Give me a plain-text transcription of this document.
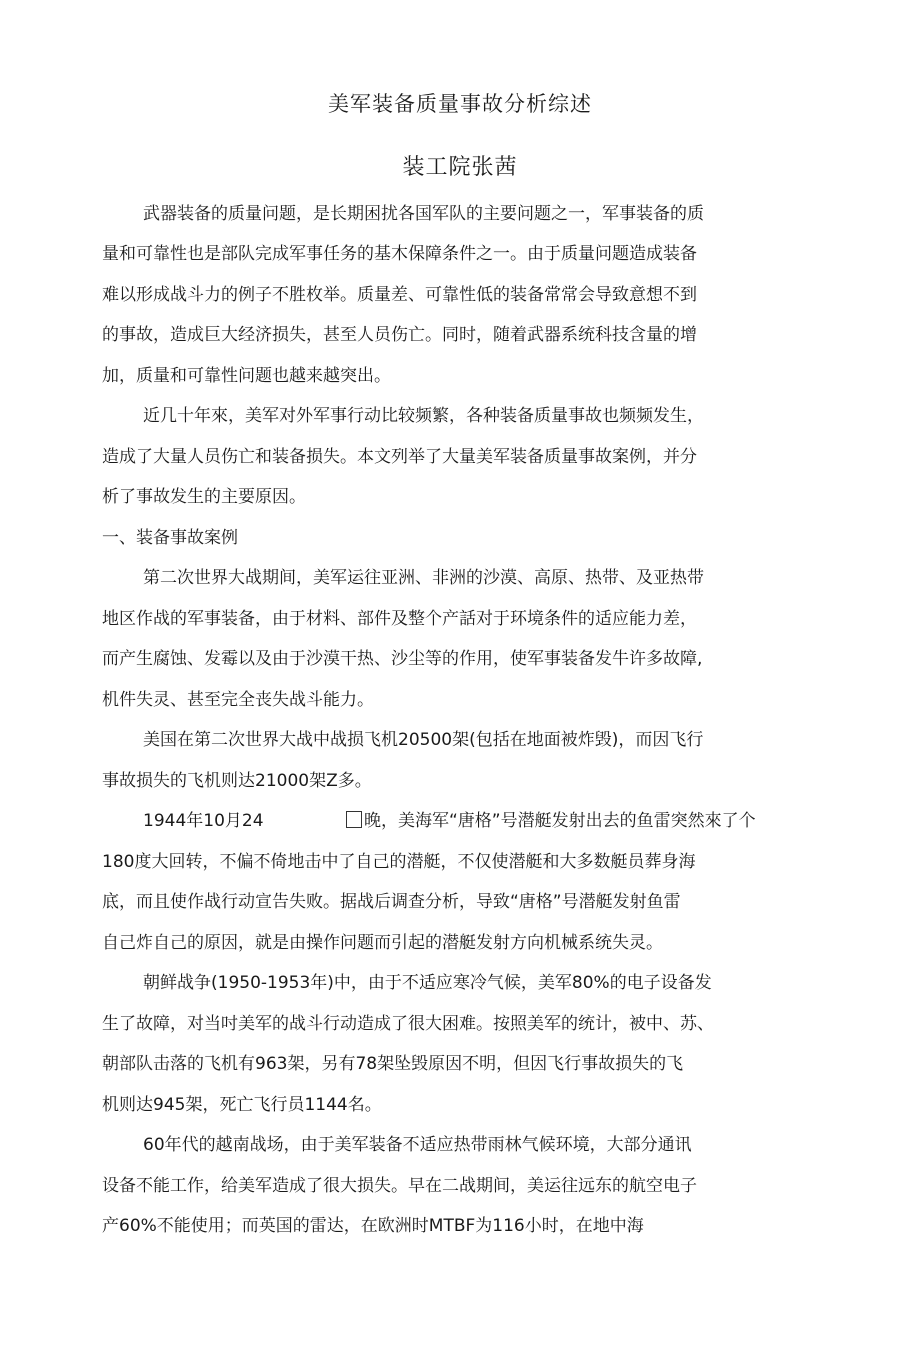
美军装备质量事故分析综述
装工院张茜
武器装备的质量问题，是长期困扰各国军队的主要问题之一，军事装备的质
量和可靠性也是部队完成军事任务的基木保障条件之一。由于质量问题造成装备
难以形成战斗力的例子不胜枚举。质量差、可靠性低的装备常常会导致意想不到
的事故，造成巨大经济损失，甚至人员伤亡。同时，随着武器系统科技含量的增
加，质量和可靠性问题也越来越突出。
近几十年來，美军对外军事行动比较频繁，各种装备质量事故也频频发生，
造成了大量人员伤亡和装备损失。本文列举了大量美军装备质量事故案例，并分
析了事故发生的主要原因。
一、装备事故案例
第二次世界大战期间，美军运往亚洲、非洲的沙漠、高原、热带、及亚热带
地区作战的军事装备，由于材料、部件及整个产話对于环境条件的适应能力差，
而产生腐蚀、发霉以及由于沙漠干热、沙尘等的作用，使军事装备发牛许多故障,
机件失灵、甚至完全丧失战斗能力。
美国在第二次世界大战中战损飞机20500架(包括在地面被炸毁)，而因飞行
事故损失的飞机则达21000架Z多。
1944年10月24	晚，美海军“唐格”号潜艇发射出去的鱼雷突然來了个
180度大回转，不偏不倚地击中了自己的潜艇，不仅使潜艇和大多数艇员葬身海
底，而且使作战行动宣告失败。据战后调查分析，导致“唐格”号潜艇发射鱼雷
自己炸自己的原因，就是由操作问题而引起的潜艇发射方向机械系统失灵。
朝鲜战争(1950-1953年)中，由于不适应寒冷气候，美军80%的电子设备发
生了故障，对当吋美军的战斗行动造成了很大困难。按照美军的统计，被中、苏、
朝部队击落的飞机有963架，另有78架坠毁原因不明，但因飞行事故损失的飞
机则达945架，死亡飞行员1144名。
60年代的越南战场，由于美军装备不适应热带雨林气候环境，大部分通讯
设备不能工作，给美军造成了很大损失。早在二战期间，美运往远东的航空电子
产60%不能使用；而英国的雷达，在欧洲时MTBF为116小时，在地中海
